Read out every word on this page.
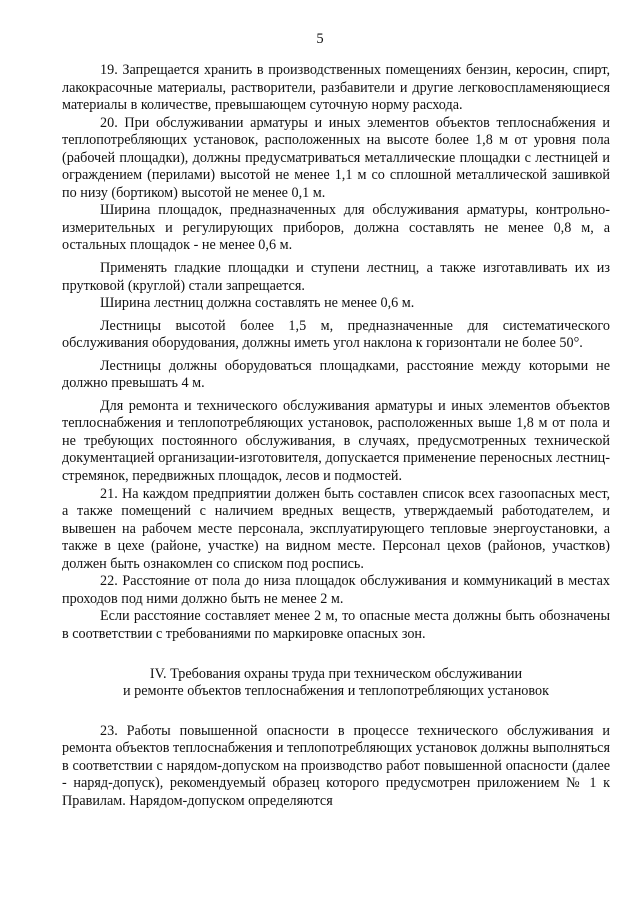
5

19. Запрещается хранить в производственных помещениях бензин, керосин, спирт, лакокрасочные материалы, растворители, разбавители и другие легковоспламеняющиеся материалы в количестве, превышающем суточную норму расхода.

20. При обслуживании арматуры и иных элементов объектов теплоснабжения и теплопотребляющих установок, расположенных на высоте более 1,8 м от уровня пола (рабочей площадки), должны предусматриваться металлические площадки с лестницей и ограждением (перилами) высотой не менее 1,1 м со сплошной металлической зашивкой по низу (бортиком) высотой не менее 0,1 м.

Ширина площадок, предназначенных для обслуживания арматуры, контрольно-измерительных и регулирующих приборов, должна составлять не менее 0,8 м, а остальных площадок - не менее 0,6 м.

Применять гладкие площадки и ступени лестниц, а также изготавливать их из прутковой (круглой) стали запрещается.

Ширина лестниц должна составлять не менее 0,6 м.

Лестницы высотой более 1,5 м, предназначенные для систематического обслуживания оборудования, должны иметь угол наклона к горизонтали не более 50°.

Лестницы должны оборудоваться площадками, расстояние между которыми не должно превышать 4 м.

Для ремонта и технического обслуживания арматуры и иных элементов объектов теплоснабжения и теплопотребляющих установок, расположенных выше 1,8 м от пола и не требующих постоянного обслуживания, в случаях, предусмотренных технической документацией организации-изготовителя, допускается применение переносных лестниц-стремянок, передвижных площадок, лесов и подмостей.

21. На каждом предприятии должен быть составлен список всех газоопасных мест, а также помещений с наличием вредных веществ, утверждаемый работодателем, и вывешен на рабочем месте персонала, эксплуатирующего тепловые энергоустановки, а также в цехе (районе, участке) на видном месте. Персонал цехов (районов, участков) должен быть ознакомлен со списком под роспись.

22. Расстояние от пола до низа площадок обслуживания и коммуникаций в местах проходов под ними должно быть не менее 2 м.

Если расстояние составляет менее 2 м, то опасные места должны быть обозначены в соответствии с требованиями по маркировке опасных зон.

IV. Требования охраны труда при техническом обслуживании
и ремонте объектов теплоснабжения и теплопотребляющих установок

23. Работы повышенной опасности в процессе технического обслуживания и ремонта объектов теплоснабжения и теплопотребляющих установок должны выполняться в соответствии с нарядом-допуском на производство работ повышенной опасности (далее - наряд-допуск), рекомендуемый образец которого предусмотрен приложением № 1 к Правилам. Нарядом-допуском определяются
